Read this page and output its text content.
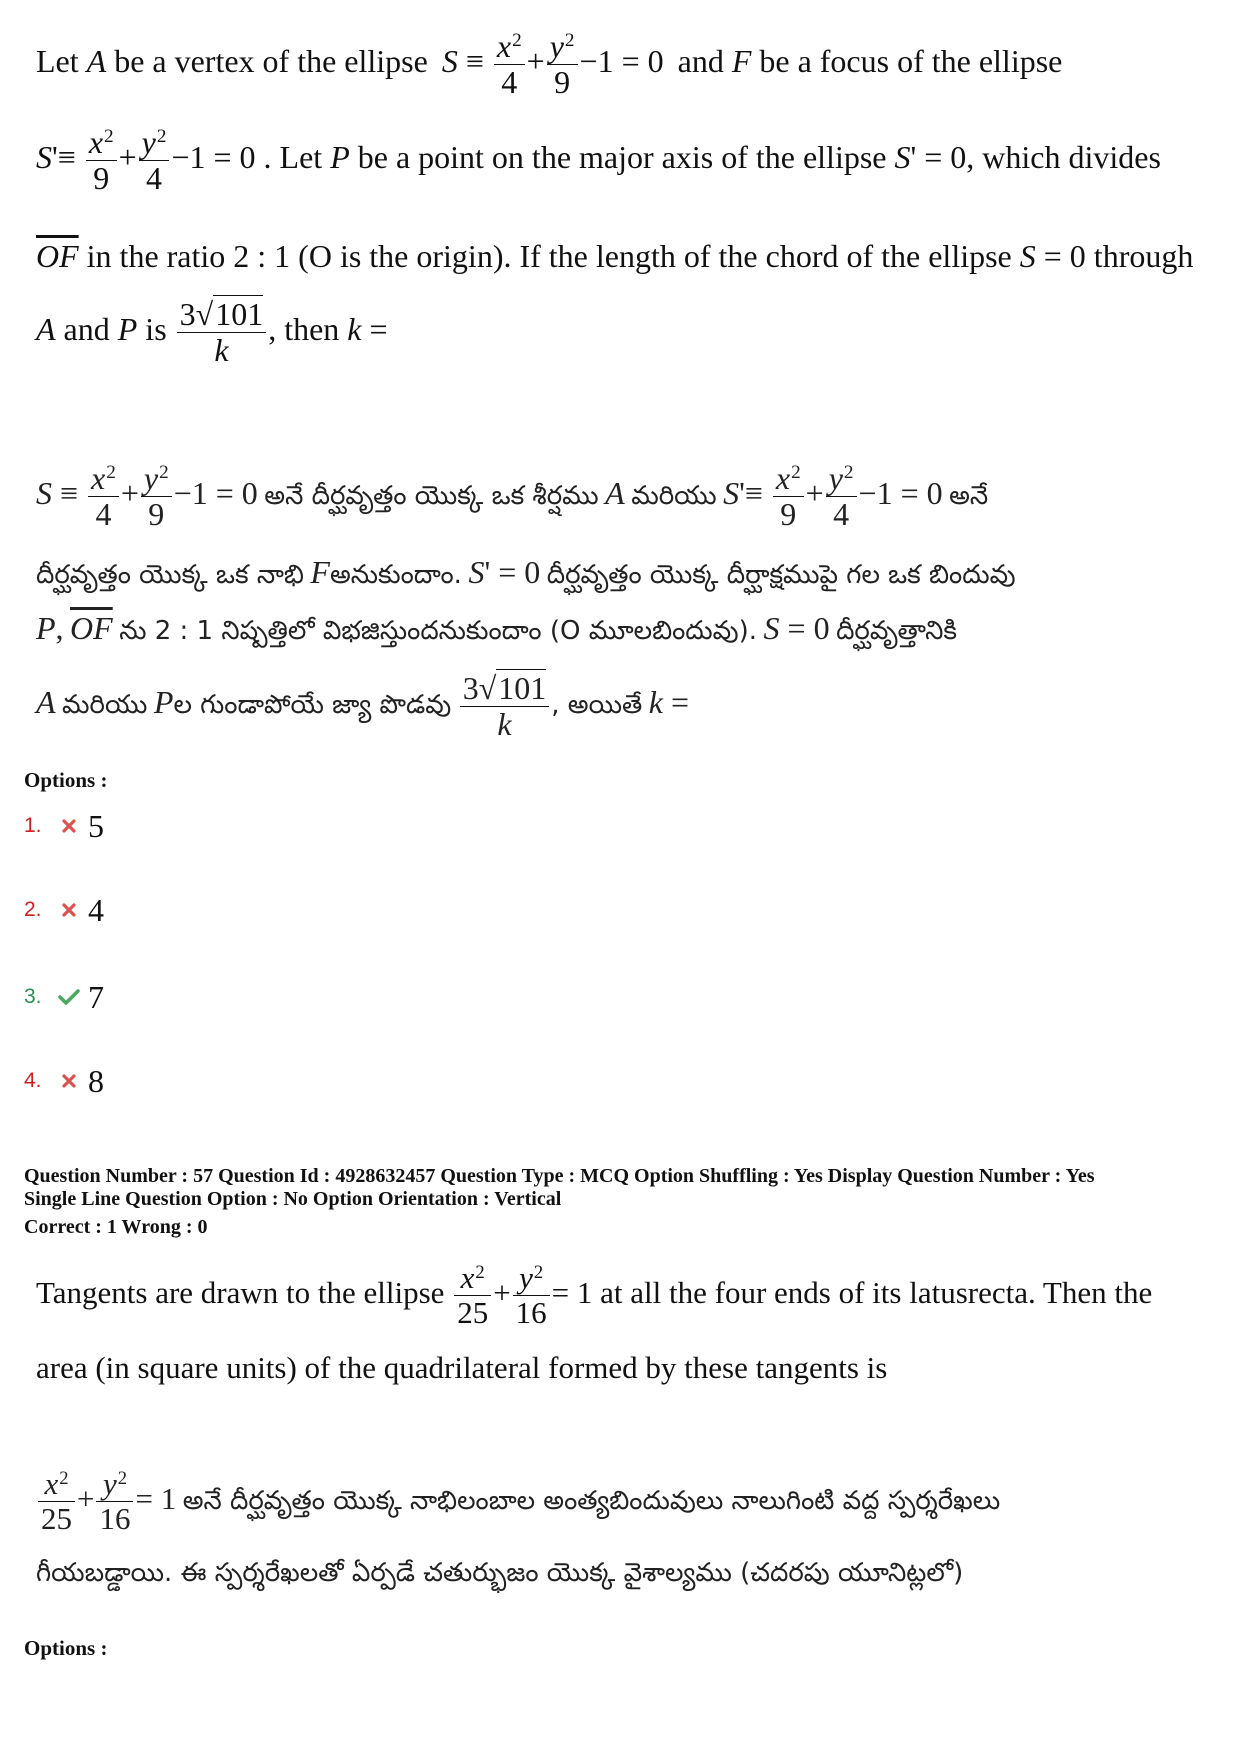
Let A be a vertex of the ellipse $S \equiv \frac{x^2}{4} + \frac{y^2}{9} -1 = 0$ and F be a focus of the ellipse
$S'\equiv \frac{x^2}{9} + \frac{y^2}{4} -1 = 0$ . Let P be a point on the major axis of the ellipse S' = 0, which divides
$\overline{OF}$ in the ratio 2 : 1 (O is the origin). If the length of the chord of the ellipse S = 0 through
A and P is $\frac{3√101}{k}$ , then k =
$S \equiv \frac{x^2}{4} + \frac{y^2}{9} -1 = 0$ అనే దీర్ఘవృత్తం యొక్క ఒక శీర్షము A మరియు $S'\equiv \frac{x^2}{9} + \frac{y^2}{4} -1 = 0$ అనే
దీర్ఘవృత్తం యొక్క ఒక నాభి Fఅనుకుందాం. S' = 0 దీర్ఘవృత్తం యొక్క దీర్ఘాక్షముపై గల ఒక బిందువు
P, $\overline{OF}$ ను 2 : 1 నిష్పత్తిలో విభజిస్తుందనుకుందాం (O మూలబిందువు). S = 0 దీర్ఘవృత్తానికి
A మరియు Pల గుండాపోయే జ్యా పొడవు $\frac{3√101}{k}$ , అయితే k =
Options :
1.	5
2.	4
3.	7
4.	8
Question Number : 57 Question Id : 4928632457 Question Type : MCQ Option Shuffling : Yes Display Question Number : Yes
Single Line Question Option : No Option Orientation : Vertical
Correct : 1 Wrong : 0
Tangents are drawn to the ellipse $\frac{x^2}{25} + \frac{y^2}{16} = 1$ at all the four ends of its latusrecta. Then the
area (in square units) of the quadrilateral formed by these tangents is
$\frac{x^2}{25} + \frac{y^2}{16} = 1$ అనే దీర్ఘవృత్తం యొక్క నాభిలంబాల అంత్యబిందువులు నాలుగింటి వద్ద స్పర్శరేఖలు
గీయబడ్డాయి. ఈ స్పర్శరేఖలతో ఏర్పడే చతుర్భుజం యొక్క వైశాల్యము (చదరపు యూనిట్లలో)
Options :
